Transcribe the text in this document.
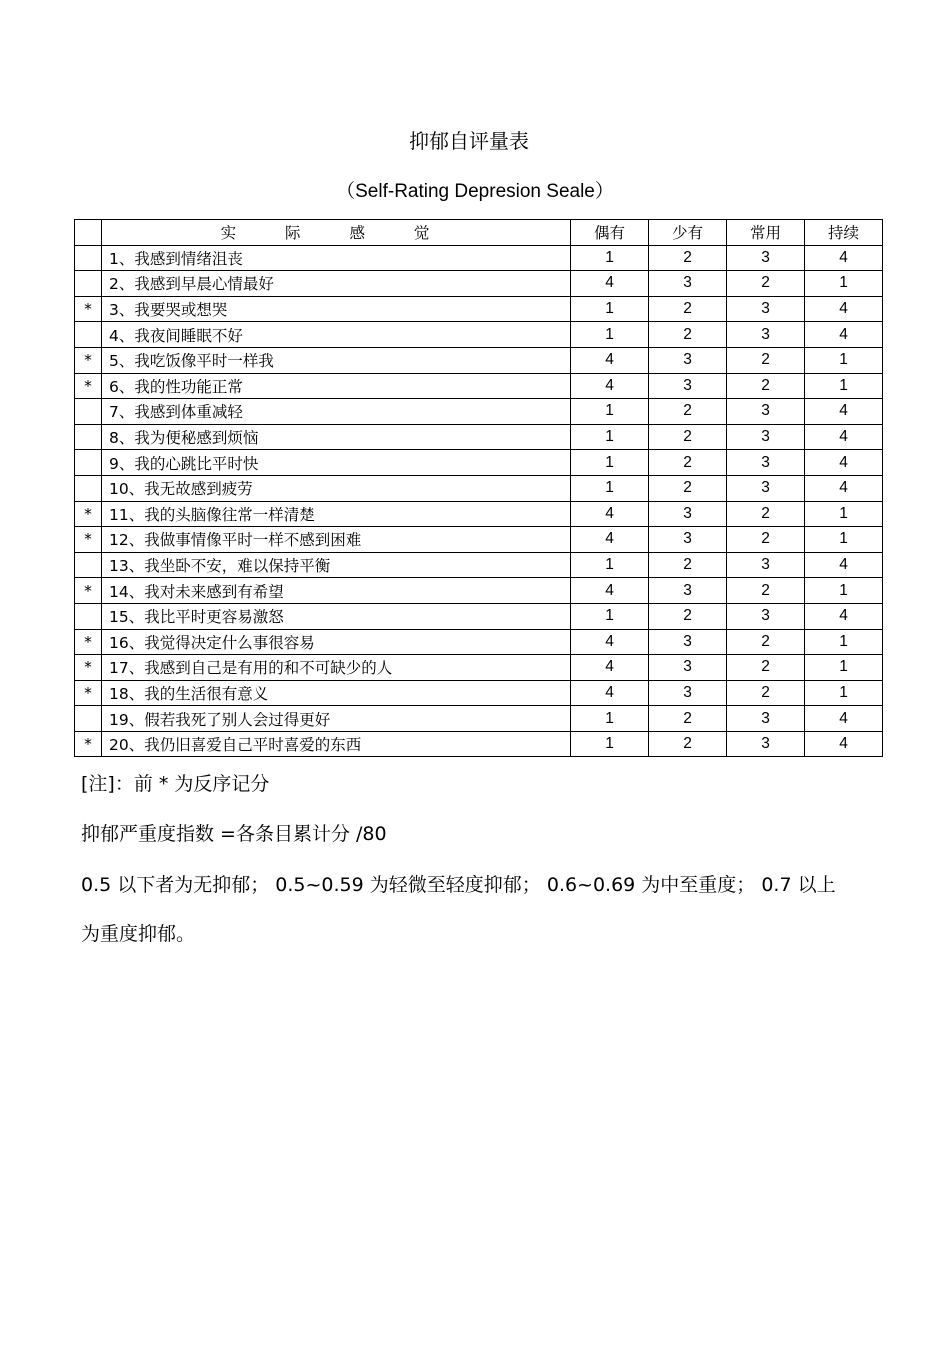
抑郁自评量表
（Self-Rating Depresion Seale）
	实 际 感 觉	偶有	少有	常用	持续
	1、我感到情绪沮丧	1	2	3	4
	2、我感到早晨心情最好	4	3	2	1
*	3、我要哭或想哭	1	2	3	4
	4、我夜间睡眠不好	1	2	3	4
*	5、我吃饭像平时一样我	4	3	2	1
*	6、我的性功能正常	4	3	2	1
	7、我感到体重减轻	1	2	3	4
	8、我为便秘感到烦恼	1	2	3	4
	9、我的心跳比平时快	1	2	3	4
	10、我无故感到疲劳	1	2	3	4
*	11、我的头脑像往常一样清楚	4	3	2	1
*	12、我做事情像平时一样不感到困难	4	3	2	1
	13、我坐卧不安，难以保持平衡	1	2	3	4
*	14、我对未来感到有希望	4	3	2	1
	15、我比平时更容易激怒	1	2	3	4
*	16、我觉得决定什么事很容易	4	3	2	1
*	17、我感到自己是有用的和不可缺少的人	4	3	2	1
*	18、我的生活很有意义	4	3	2	1
	19、假若我死了别人会过得更好	1	2	3	4
*	20、我仍旧喜爱自己平时喜爱的东西	1	2	3	4
[注]：前 * 为反序记分
抑郁严重度指数 =各条目累计分 /80
0.5 以下者为无抑郁； 0.5~0.59 为轻微至轻度抑郁； 0.6~0.69 为中至重度； 0.7 以上
为重度抑郁。
